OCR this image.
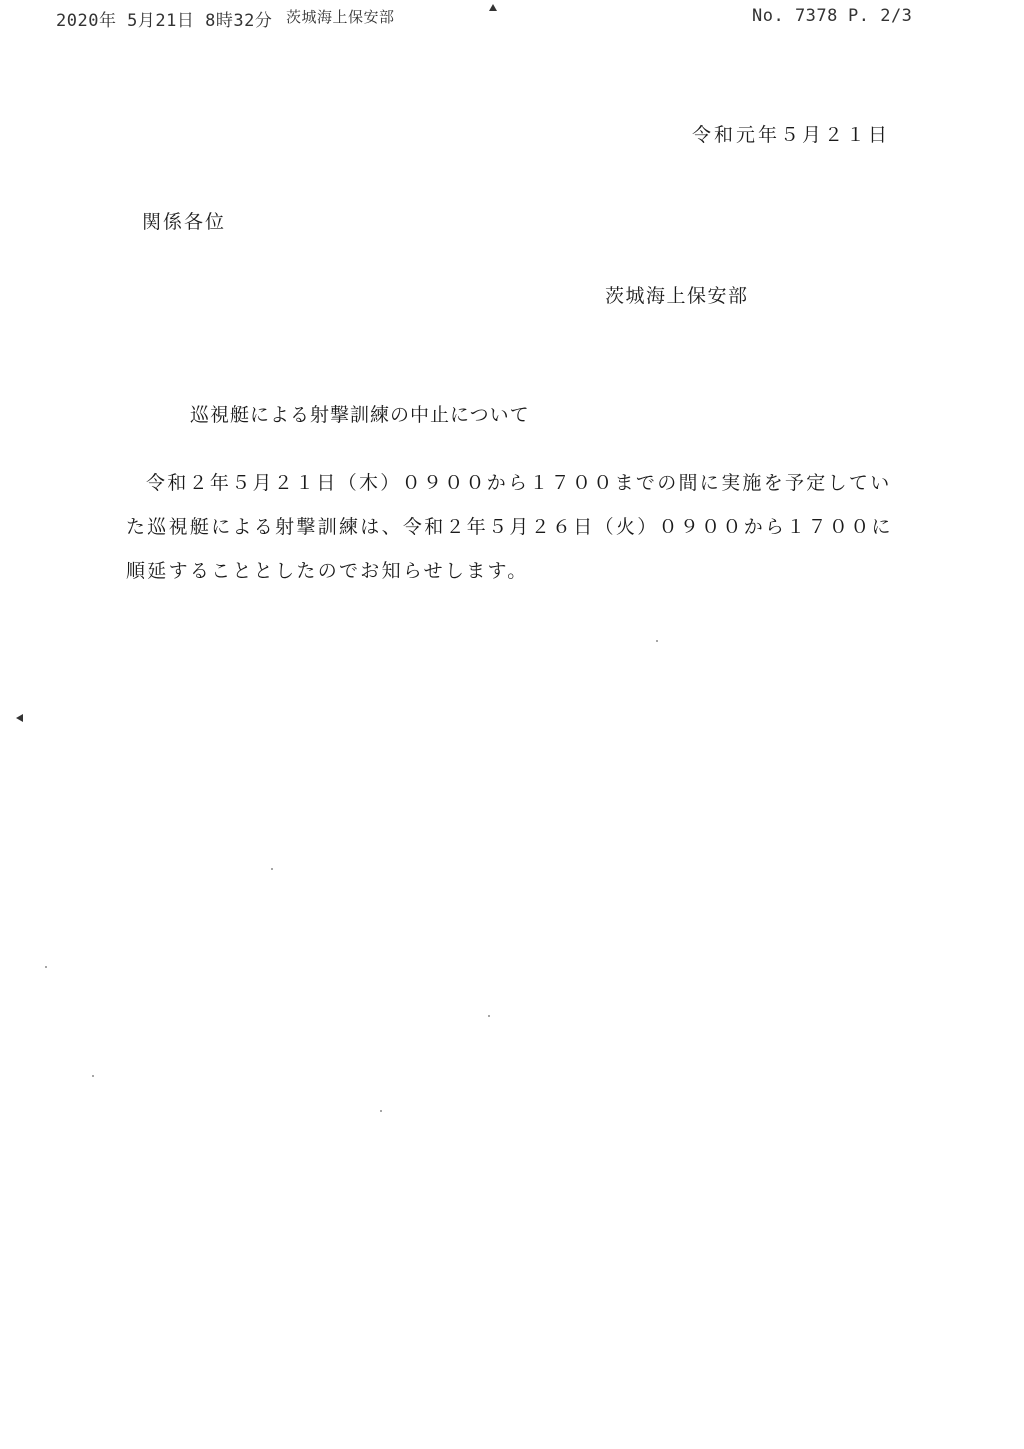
2020年 5月21日 8時32分 茨城海上保安部	No. 7378 P. 2/3
令和元年５月２１日
関係各位
茨城海上保安部
巡視艇による射撃訓練の中止について

令和２年５月２１日（木）０９００から１７００までの間に実施を予定してい

た巡視艇による射撃訓練は、令和２年５月２６日（火）０９００から１７００に

順延することとしたのでお知らせします。
